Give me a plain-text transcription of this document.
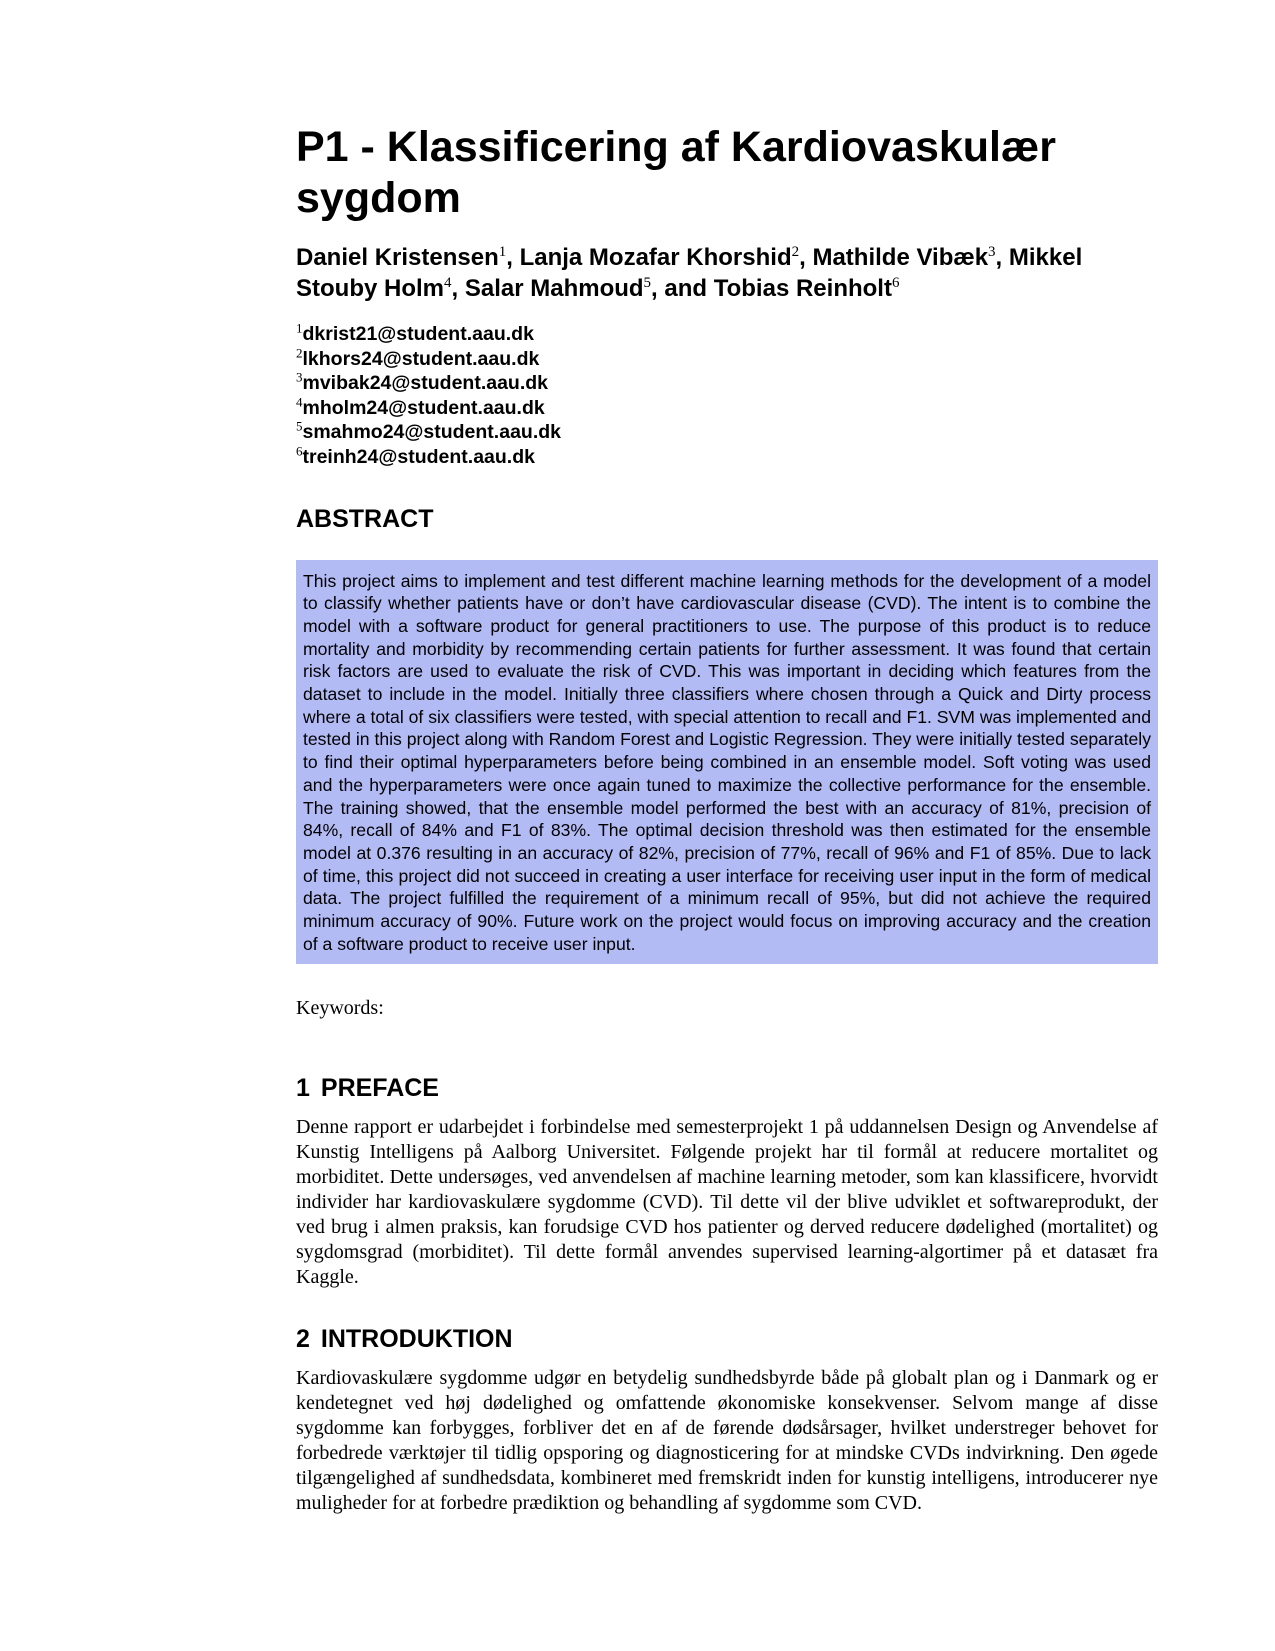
P1 - Klassificering af Kardiovaskulær sygdom
Daniel Kristensen$^1$, Lanja Mozafar Khorshid$^2$, Mathilde Vibæk$^3$, Mikkel Stouby Holm$^4$, Salar Mahmoud$^5$, and Tobias Reinholt$^6$
$^1$dkrist21@student.aau.dk
$^2$lkhors24@student.aau.dk
$^3$mvibak24@student.aau.dk
$^4$mholm24@student.aau.dk
$^5$smahmo24@student.aau.dk
$^6$treinh24@student.aau.dk
ABSTRACT
This project aims to implement and test different machine learning methods for the development of a model to classify whether patients have or don’t have cardiovascular disease (CVD). The intent is to combine the model with a software product for general practitioners to use. The purpose of this product is to reduce mortality and morbidity by recommending certain patients for further assessment. It was found that certain risk factors are used to evaluate the risk of CVD. This was important in deciding which features from the dataset to include in the model. Initially three classifiers where chosen through a Quick and Dirty process where a total of six classifiers were tested, with special attention to recall and F1. SVM was implemented and tested in this project along with Random Forest and Logistic Regression. They were initially tested separately to find their optimal hyperparameters before being combined in an ensemble model. Soft voting was used and the hyperparameters were once again tuned to maximize the collective performance for the ensemble. The training showed, that the ensemble model performed the best with an accuracy of 81%, precision of 84%, recall of 84% and F1 of 83%. The optimal decision threshold was then estimated for the ensemble model at 0.376 resulting in an accuracy of 82%, precision of 77%, recall of 96% and F1 of 85%. Due to lack of time, this project did not succeed in creating a user interface for receiving user input in the form of medical data. The project fulfilled the requirement of a minimum recall of 95%, but did not achieve the required minimum accuracy of 90%. Future work on the project would focus on improving accuracy and the creation of a software product to receive user input.
Keywords:
1 PREFACE

Denne rapport er udarbejdet i forbindelse med semesterprojekt 1 på uddannelsen Design og Anvendelse af Kunstig Intelligens på Aalborg Universitet. Følgende projekt har til formål at reducere mortalitet og morbiditet. Dette undersøges, ved anvendelsen af machine learning metoder, som kan klassificere, hvorvidt individer har kardiovaskulære sygdomme (CVD). Til dette vil der blive udviklet et softwareprodukt, der ved brug i almen praksis, kan forudsige CVD hos patienter og derved reducere dødelighed (mortalitet) og sygdomsgrad (morbiditet). Til dette formål anvendes supervised learning-algortimer på et datasæt fra Kaggle.

2 INTRODUKTION

Kardiovaskulære sygdomme udgør en betydelig sundhedsbyrde både på globalt plan og i Danmark og er kendetegnet ved høj dødelighed og omfattende økonomiske konsekvenser. Selvom mange af disse sygdomme kan forbygges, forbliver det en af de førende dødsårsager, hvilket understreger behovet for forbedrede værktøjer til tidlig opsporing og diagnosticering for at mindske CVDs indvirkning. Den øgede tilgængelighed af sundhedsdata, kombineret med fremskridt inden for kunstig intelligens, introducerer nye muligheder for at forbedre prædiktion og behandling af sygdomme som CVD.
